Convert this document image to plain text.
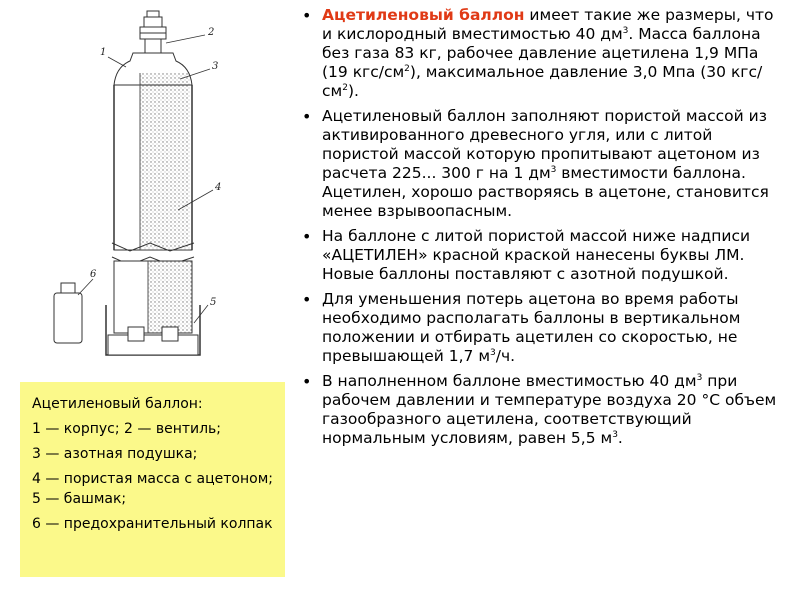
1
2
3
4
5
6

Ацетиленовый баллон:

1 — корпус; 2 — вентиль;

3 — азотная подушка;

4 — пористая масса с ацетоном; 5 — башмак;

6 — предохранительный колпак

• Ацетиленовый баллон имеет такие же размеры, что и кислородный вместимостью 40 $дм^3$. Масса баллона без газа 83 кг, рабочее давление ацетилена 1,9 МПа (19 кгс/$см^2$), максимальное давление 3,0 Мпа (30 кгс/$см^2$).
• Ацетиленовый баллон заполняют пористой массой из активированного древесного угля, или с литой пористой массой которую пропитывают ацетоном из расчета 225... 300 г на 1 $дм^3$ вместимости баллона. Ацетилен, хорошо растворяясь в ацетоне, становится менее взрывоопасным.
• На баллоне с литой пористой массой ниже надписи «АЦЕТИЛЕН» красной краской нанесены буквы ЛМ. Новые баллоны поставляют с азотной подушкой.
• Для уменьшения потерь ацетона во время работы необходимо располагать баллоны в вертикальном положении и отбирать ацетилен со скоростью, не превышающей 1,7 $м^3/ч$.
• В наполненном баллоне вместимостью 40 $дм^3$ при рабочем давлении и температуре воздуха 20 °С объем газообразного ацетилена, соответствующий нормальным условиям, равен 5,5 $м^3$.
